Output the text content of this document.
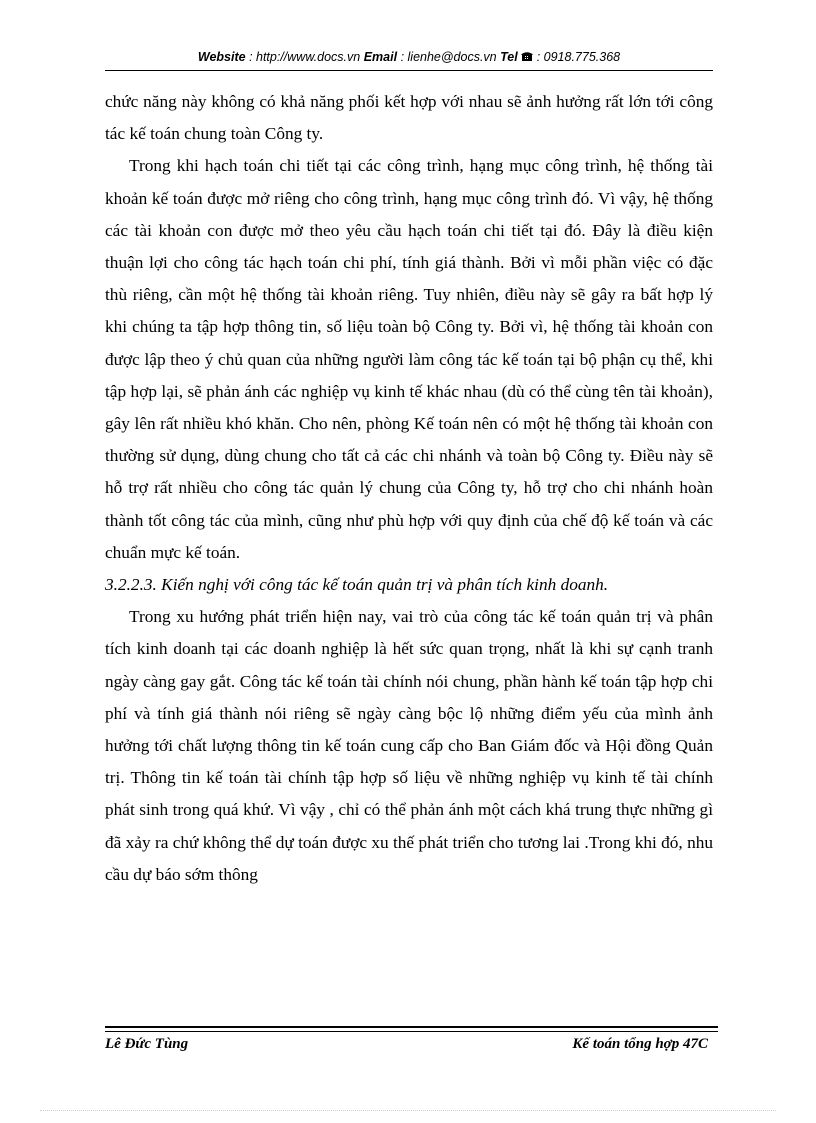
Website : http://www.docs.vn Email : lienhe@docs.vn Tel : 0918.775.368

chức năng này không có khả năng phối kết hợp với nhau sẽ ảnh hưởng rất lớn tới công tác kế toán chung toàn Công ty.

Trong khi hạch toán chi tiết tại các công trình, hạng mục công trình, hệ thống tài khoản kế toán được mở riêng cho công trình, hạng mục công trình đó. Vì vậy, hệ thống các tài khoản con được mở theo yêu cầu hạch toán chi tiết tại đó. Đây là điều kiện thuận lợi cho công tác hạch toán chi phí, tính giá thành. Bởi vì mỗi phần việc có đặc thù riêng, cần một hệ thống tài khoản riêng. Tuy nhiên, điều này sẽ gây ra bất hợp lý khi chúng ta tập hợp thông tin, số liệu toàn bộ Công ty. Bởi vì, hệ thống tài khoản con được lập theo ý chủ quan của những người làm công tác kế toán tại bộ phận cụ thể, khi tập hợp lại, sẽ phản ánh các nghiệp vụ kinh tế khác nhau (dù có thể cùng tên tài khoản), gây lên rất nhiều khó khăn. Cho nên, phòng Kế toán nên có một hệ thống tài khoản con thường sử dụng, dùng chung cho tất cả các chi nhánh và toàn bộ Công ty. Điều này sẽ hỗ trợ rất nhiều cho công tác quản lý chung của Công ty, hỗ trợ cho chi nhánh hoàn thành tốt công tác của mình, cũng như phù hợp với quy định của chế độ kế toán và các chuẩn mực kế toán.

3.2.2.3. Kiến nghị với công tác kế toán quản trị và phân tích kinh doanh.

Trong xu hướng phát triển hiện nay, vai trò của công tác kế toán quản trị và phân tích kinh doanh tại các doanh nghiệp là hết sức quan trọng, nhất là khi sự cạnh tranh ngày càng gay gắt. Công tác kế toán tài chính nói chung, phần hành kế toán tập hợp chi phí và tính giá thành nói riêng sẽ ngày càng bộc lộ những điểm yếu của mình ảnh hưởng tới chất lượng thông tin kế toán cung cấp cho Ban Giám đốc và Hội đồng Quản trị. Thông tin kế toán tài chính tập hợp số liệu về những nghiệp vụ kinh tế tài chính phát sinh trong quá khứ. Vì vậy , chỉ có thể phản ánh một cách khá trung thực những gì đã xảy ra chứ không thể dự toán được xu thế phát triển cho tương lai .Trong khi đó, nhu cầu dự báo sớm thông

Lê Đức Tùng	Kế toán tổng hợp 47C
